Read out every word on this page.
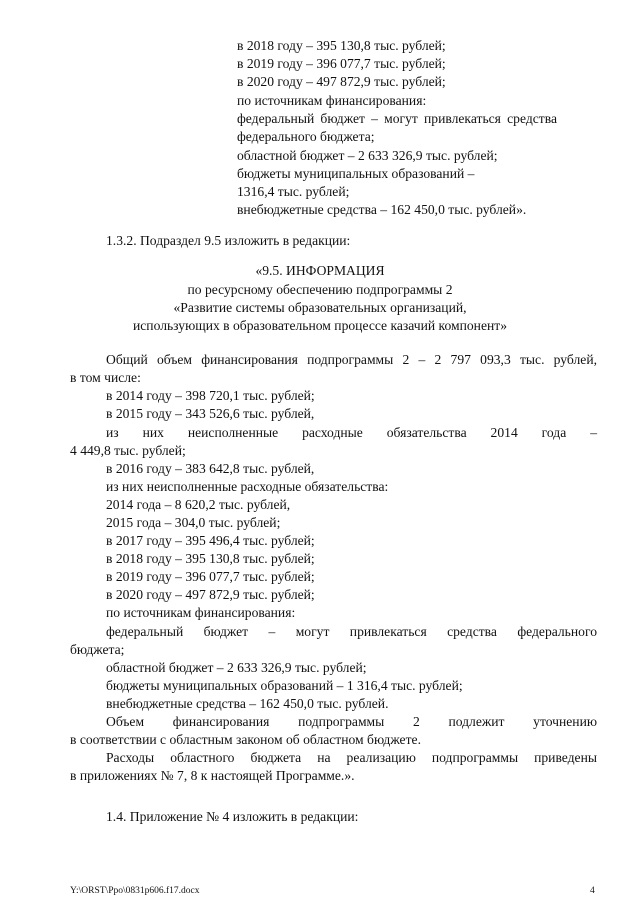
в 2018 году – 395 130,8 тыс. рублей;
в 2019 году – 396 077,7 тыс. рублей;
в 2020 году – 497 872,9 тыс. рублей;
по источникам финансирования:
федеральный бюджет – могут привлекаться средства
федерального бюджета;
областной бюджет – 2 633 326,9 тыс. рублей;
бюджеты муниципальных образований –
1316,4 тыс. рублей;
внебюджетные средства – 162 450,0 тыс. рублей».
1.3.2. Подраздел 9.5 изложить в редакции:
«9.5. ИНФОРМАЦИЯ
по ресурсному обеспечению подпрограммы 2
«Развитие системы образовательных организаций,
использующих в образовательном процессе казачий компонент»
Общий объем финансирования подпрограммы 2 – 2 797 093,3 тыс. рублей,
в том числе:
в 2014 году – 398 720,1 тыс. рублей;
в 2015 году – 343 526,6 тыс. рублей,
из них неисполненные расходные обязательства 2014 года –
4 449,8 тыс. рублей;
в 2016 году – 383 642,8 тыс. рублей,
из них неисполненные расходные обязательства:
2014 года – 8 620,2 тыс. рублей,
2015 года – 304,0 тыс. рублей;
в 2017 году – 395 496,4 тыс. рублей;
в 2018 году – 395 130,8 тыс. рублей;
в 2019 году – 396 077,7 тыс. рублей;
в 2020 году – 497 872,9 тыс. рублей;
по источникам финансирования:
федеральный бюджет – могут привлекаться средства федерального
бюджета;
областной бюджет – 2 633 326,9 тыс. рублей;
бюджеты муниципальных образований – 1 316,4 тыс. рублей;
внебюджетные средства – 162 450,0 тыс. рублей.
Объем финансирования подпрограммы 2 подлежит уточнению
в соответствии с областным законом об областном бюджете.
Расходы областного бюджета на реализацию подпрограммы приведены
в приложениях № 7, 8 к настоящей Программе.».
1.4. Приложение № 4 изложить в редакции:
Y:\ORST\Ppo\0831p606.f17.docx	4
